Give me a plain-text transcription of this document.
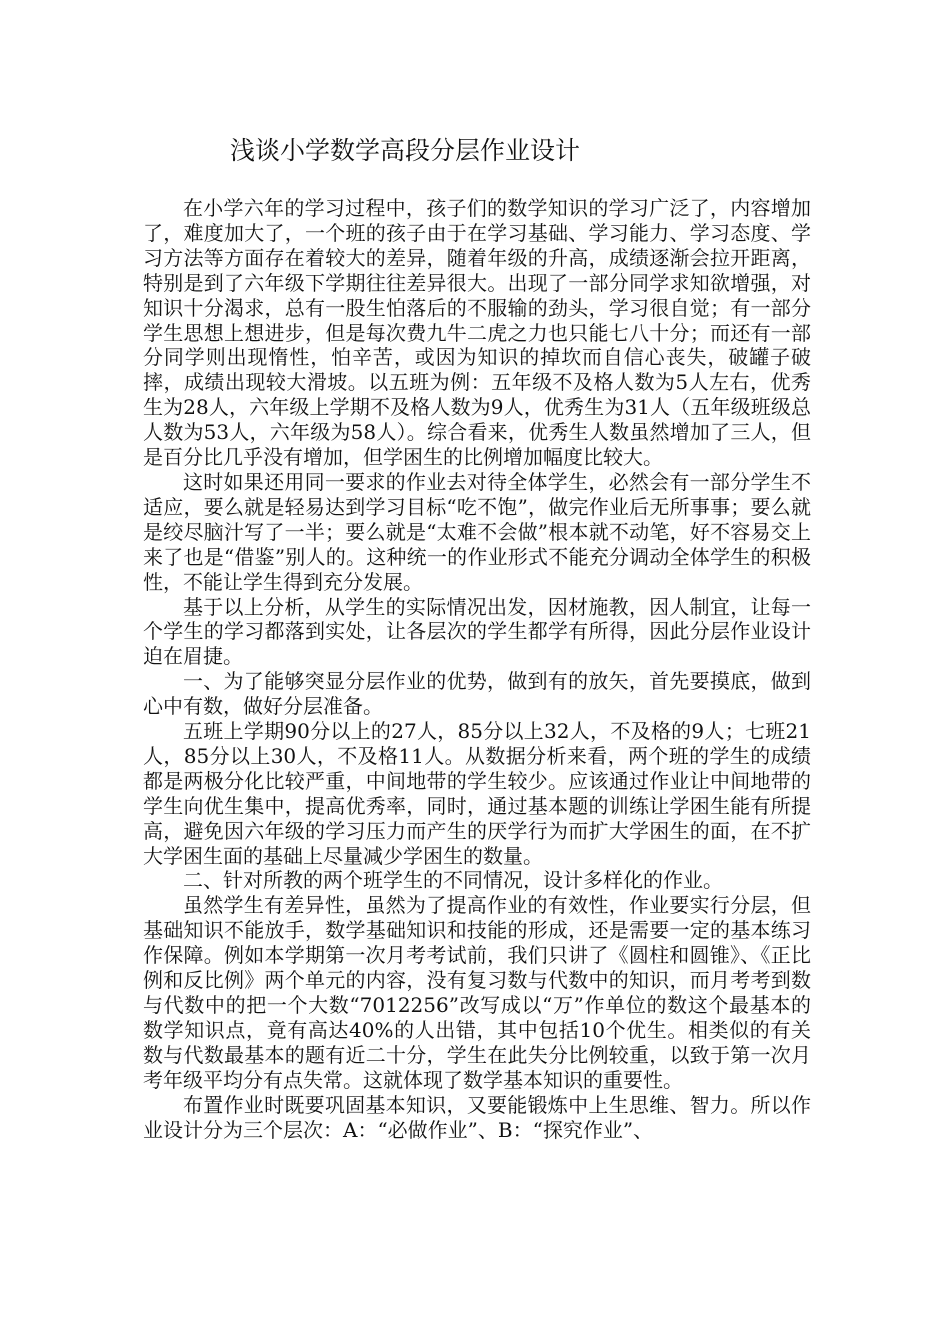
浅谈小学数学高段分层作业设计

在小学六年的学习过程中，孩子们的数学知识的学习广泛了，内容增加了，难度加大了，一个班的孩子由于在学习基础、学习能力、学习态度、学习方法等方面存在着较大的差异，随着年级的升高，成绩逐渐会拉开距离，特别是到了六年级下学期往往差异很大。出现了一部分同学求知欲增强，对知识十分渴求，总有一股生怕落后的不服输的劲头，学习很自觉；有一部分学生思想上想进步，但是每次费九牛二虎之力也只能七八十分；而还有一部分同学则出现惰性，怕辛苦，或因为知识的掉坎而自信心丧失，破罐子破摔，成绩出现较大滑坡。以五班为例：五年级不及格人数为5人左右，优秀生为28人，六年级上学期不及格人数为9人，优秀生为31人（五年级班级总人数为53人，六年级为58人）。综合看来，优秀生人数虽然增加了三人，但是百分比几乎没有增加，但学困生的比例增加幅度比较大。

这时如果还用同一要求的作业去对待全体学生，必然会有一部分学生不适应，要么就是轻易达到学习目标“吃不饱”，做完作业后无所事事；要么就是绞尽脑汁写了一半；要么就是“太难不会做”根本就不动笔，好不容易交上来了也是“借鉴”别人的。这种统一的作业形式不能充分调动全体学生的积极性，不能让学生得到充分发展。

基于以上分析，从学生的实际情况出发，因材施教，因人制宜，让每一个学生的学习都落到实处，让各层次的学生都学有所得，因此分层作业设计迫在眉捷。

一、为了能够突显分层作业的优势，做到有的放矢，首先要摸底，做到心中有数，做好分层准备。

五班上学期90分以上的27人，85分以上32人，不及格的9人；七班21人，85分以上30人，不及格11人。从数据分析来看，两个班的学生的成绩都是两极分化比较严重，中间地带的学生较少。应该通过作业让中间地带的学生向优生集中，提高优秀率，同时，通过基本题的训练让学困生能有所提高，避免因六年级的学习压力而产生的厌学行为而扩大学困生的面，在不扩大学困生面的基础上尽量减少学困生的数量。

二、针对所教的两个班学生的不同情况，设计多样化的作业。

虽然学生有差异性，虽然为了提高作业的有效性，作业要实行分层，但基础知识不能放手，数学基础知识和技能的形成，还是需要一定的基本练习作保障。例如本学期第一次月考考试前，我们只讲了《圆柱和圆锥》、《正比例和反比例》两个单元的内容，没有复习数与代数中的知识，而月考考到数与代数中的把一个大数“7012256”改写成以“万”作单位的数这个最基本的数学知识点，竟有高达40%的人出错，其中包括10个优生。相类似的有关数与代数最基本的题有近二十分，学生在此失分比例较重，以致于第一次月考年级平均分有点失常。这就体现了数学基本知识的重要性。

布置作业时既要巩固基本知识，又要能锻炼中上生思维、智力。所以作业设计分为三个层次：A：“必做作业”、B：“探究作业”、
